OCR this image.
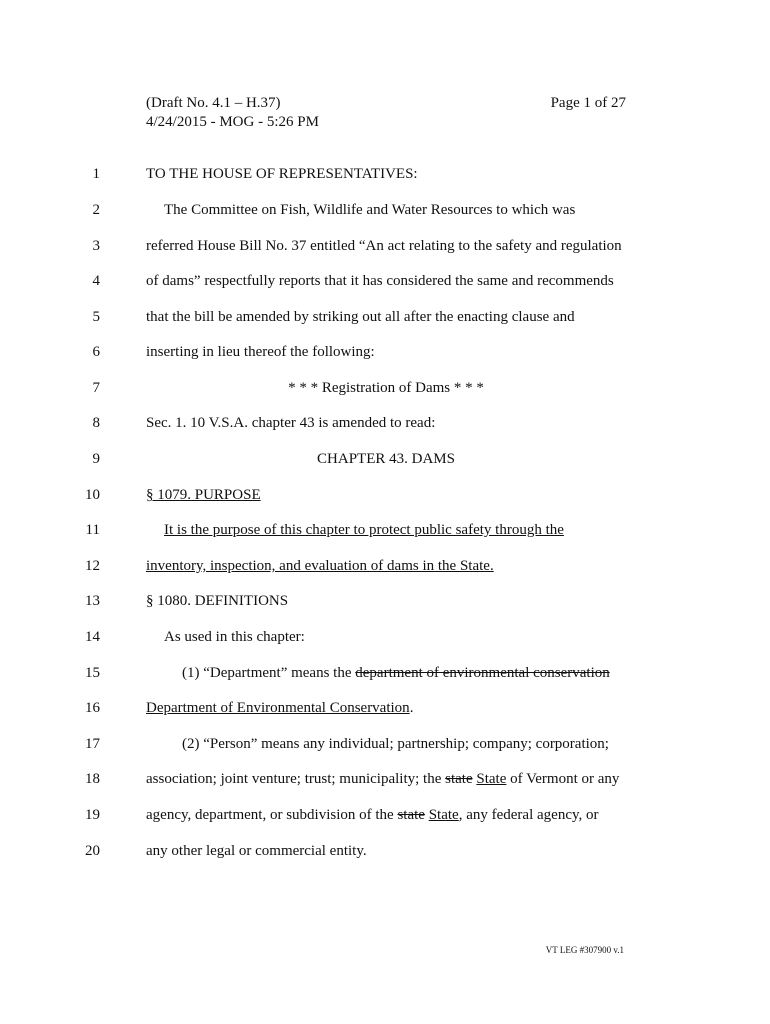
(Draft No. 4.1 – H.37)
4/24/2015 - MOG - 5:26 PM
Page 1 of 27
1	TO THE HOUSE OF REPRESENTATIVES:
2	The Committee on Fish, Wildlife and Water Resources to which was
3	referred House Bill No. 37 entitled “An act relating to the safety and regulation
4	of dams” respectfully reports that it has considered the same and recommends
5	that the bill be amended by striking out all after the enacting clause and
6	inserting in lieu thereof the following:
7	* * * Registration of Dams * * *
8	Sec. 1. 10 V.S.A. chapter 43 is amended to read:
9	CHAPTER 43. DAMS
10	§ 1079. PURPOSE
11	It is the purpose of this chapter to protect public safety through the
12	inventory, inspection, and evaluation of dams in the State.
13	§ 1080. DEFINITIONS
14	As used in this chapter:
15	(1) “Department” means the department of environmental conservation
16	Department of Environmental Conservation.
17	(2) “Person” means any individual; partnership; company; corporation;
18	association; joint venture; trust; municipality; the state State of Vermont or any
19	agency, department, or subdivision of the state State, any federal agency, or
20	any other legal or commercial entity.
VT LEG #307900 v.1
